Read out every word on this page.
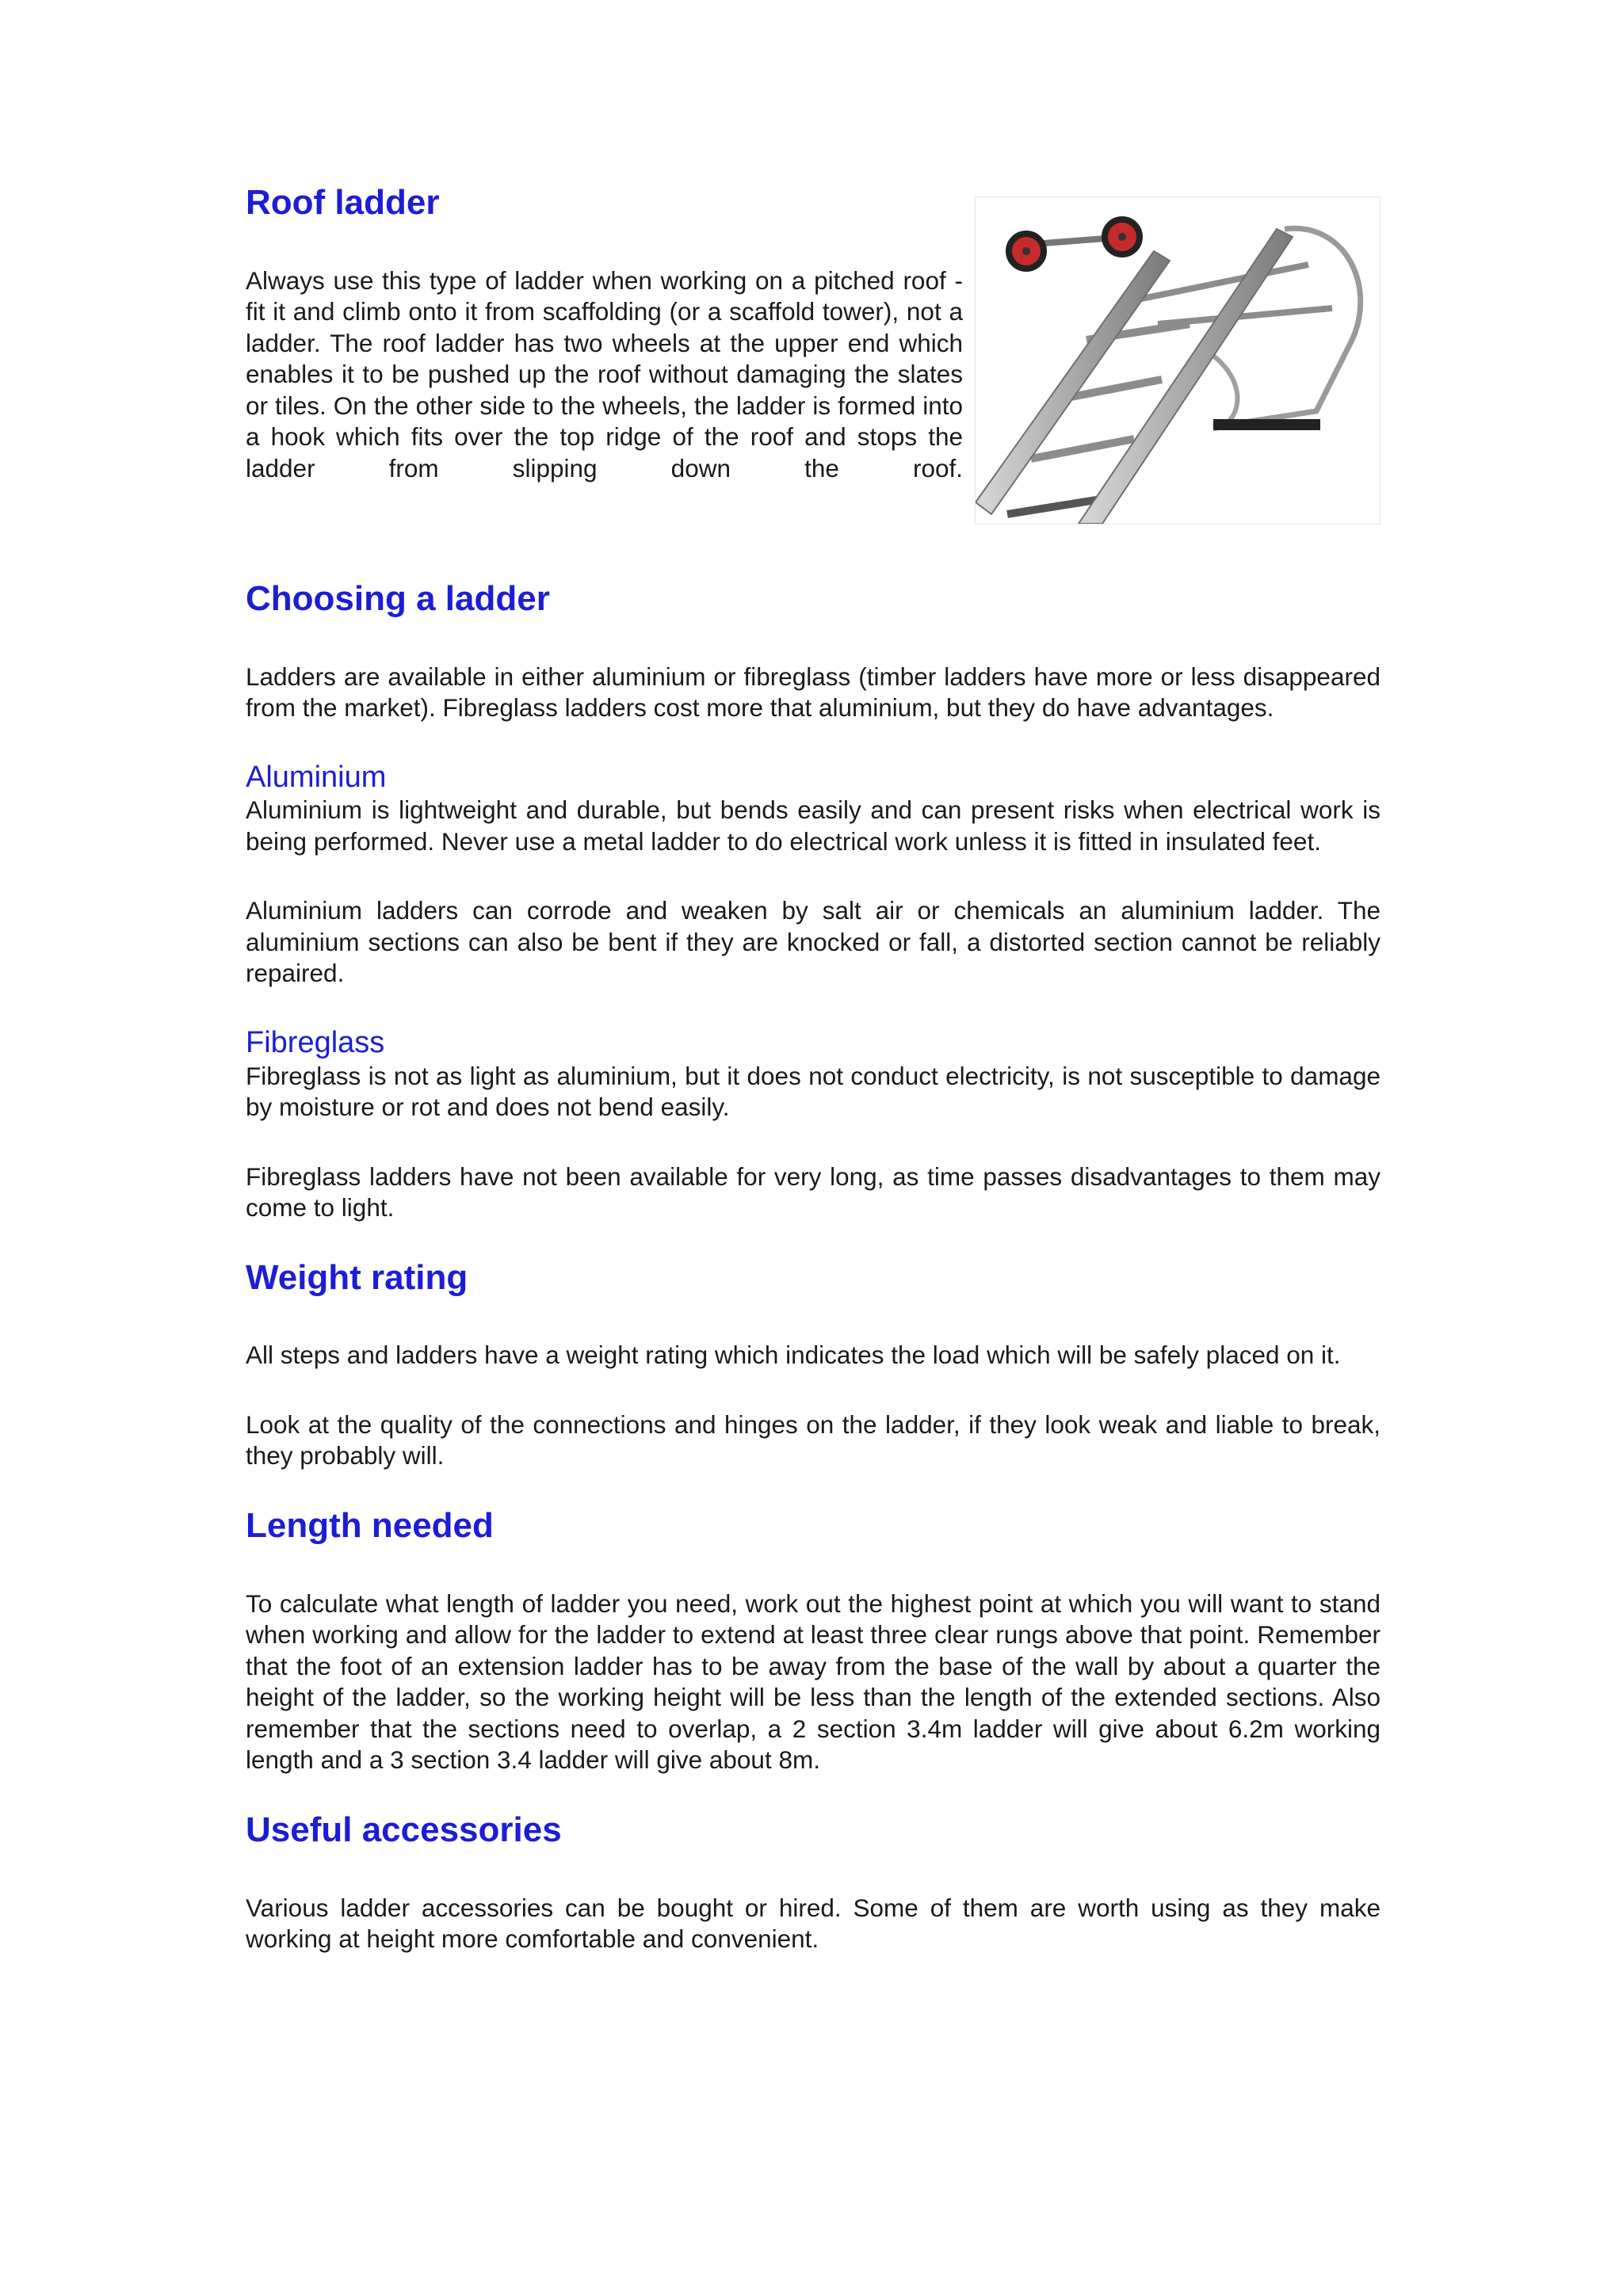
Roof ladder

Always use this type of ladder when working on a pitched roof - fit it and climb onto it from scaffolding (or a scaffold tower), not a ladder. The roof ladder has two wheels at the upper end which enables it to be pushed up the roof without damaging the slates or tiles. On the other side to the wheels, the ladder is formed into a hook which fits over the top ridge of the roof and stops the ladder from slipping down the roof.

Choosing a ladder

Ladders are available in either aluminium or fibreglass (timber ladders have more or less disappeared from the market). Fibreglass ladders cost more that aluminium, but they do have advantages.

Aluminium

Aluminium is lightweight and durable, but bends easily and can present risks when electrical work is being performed. Never use a metal ladder to do electrical work unless it is fitted in insulated feet.

Aluminium ladders can corrode and weaken by salt air or chemicals an aluminium ladder. The aluminium sections can also be bent if they are knocked or fall, a distorted section cannot be reliably repaired.

Fibreglass

Fibreglass is not as light as aluminium, but it does not conduct electricity, is not susceptible to damage by moisture or rot and does not bend easily.

Fibreglass ladders have not been available for very long, as time passes disadvantages to them may come to light.

Weight rating

All steps and ladders have a weight rating which indicates the load which will be safely placed on it.

Look at the quality of the connections and hinges on the ladder, if they look weak and liable to break, they probably will.

Length needed

To calculate what length of ladder you need, work out the highest point at which you will want to stand when working and allow for the ladder to extend at least three clear rungs above that point. Remember that the foot of an extension ladder has to be away from the base of the wall by about a quarter the height of the ladder, so the working height will be less than the length of the extended sections. Also remember that the sections need to overlap, a 2 section 3.4m ladder will give about 6.2m working length and a 3 section 3.4 ladder will give about 8m.

Useful accessories

Various ladder accessories can be bought or hired. Some of them are worth using as they make working at height more comfortable and convenient.
